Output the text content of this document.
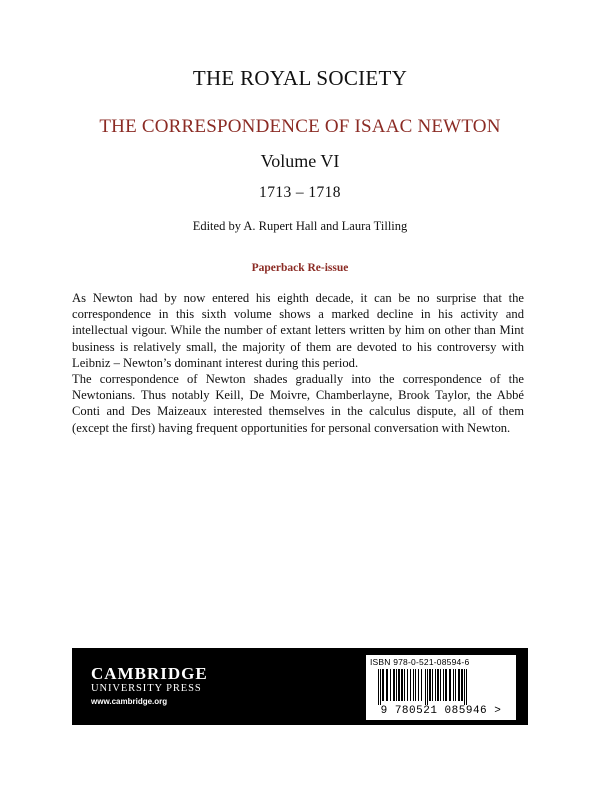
THE ROYAL SOCIETY
THE CORRESPONDENCE OF ISAAC NEWTON
Volume VI
1713 – 1718
Edited by A. Rupert Hall and Laura Tilling
Paperback Re-issue

As Newton had by now entered his eighth decade, it can be no surprise that the correspondence in this sixth volume shows a marked decline in his activity and intellectual vigour. While the number of extant letters written by him on other than Mint business is relatively small, the majority of them are devoted to his controversy with Leibniz – Newton’s dominant interest during this period.

The correspondence of Newton shades gradually into the correspondence of the Newtonians. Thus notably Keill, De Moivre, Chamberlayne, Brook Taylor, the Abbé Conti and Des Maizeaux interested themselves in the calculus dispute, all of them (except the first) having frequent opportunities for personal conversation with Newton.

CAMBRIDGE
UNIVERSITY PRESS
www.cambridge.org
ISBN 978-0-521-08594-6
9 780521 085946 >
